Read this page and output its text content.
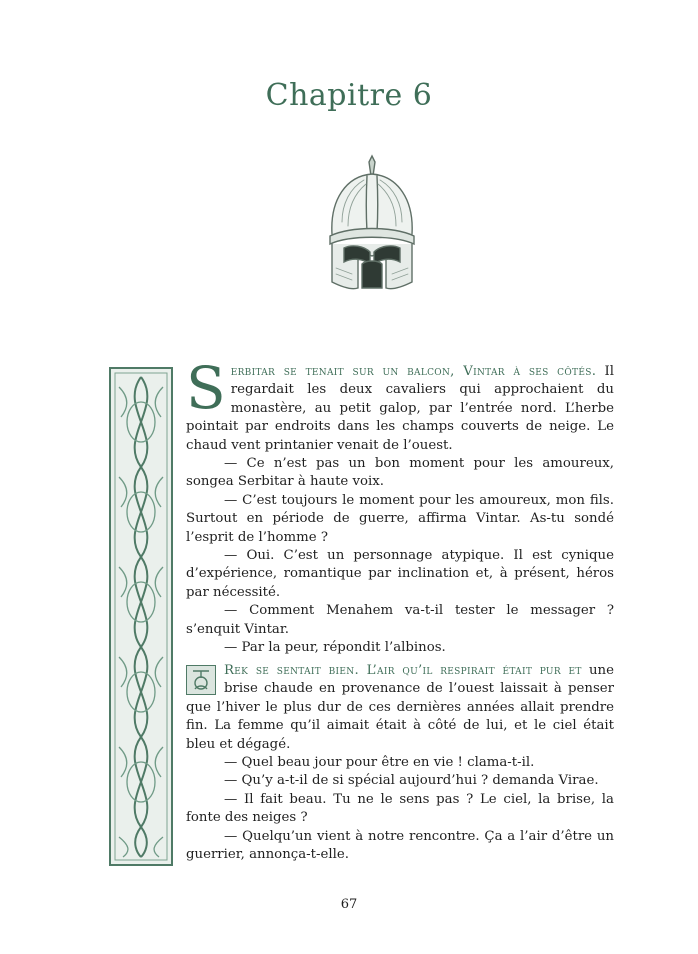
Chapitre 6

Serbitar se tenait sur un balcon, Vintar à ses côtés. Il regardait les deux cavaliers qui approchaient du monastère, au petit galop, par l’entrée nord. L’herbe pointait par endroits dans les champs couverts de neige. Le chaud vent printanier venait de l’ouest.

— Ce n’est pas un bon moment pour les amoureux, songea Serbitar à haute voix.

— C’est toujours le moment pour les amoureux, mon fils. Surtout en période de guerre, affirma Vintar. As-tu sondé l’esprit de l’homme ?

— Oui. C’est un personnage atypique. Il est cynique d’expérience, romantique par inclination et, à présent, héros par nécessité.

— Comment Menahem va-t-il tester le messager ? s’enquit Vintar.

— Par la peur, répondit l’albinos.

Rek se sentait bien. L’air qu’il respirait était pur et une brise chaude en provenance de l’ouest laissait à penser que l’hiver le plus dur de ces dernières années allait prendre fin. La femme qu’il aimait était à côté de lui, et le ciel était bleu et dégagé.

— Quel beau jour pour être en vie ! clama-t-il.

— Qu’y a-t-il de si spécial aujourd’hui ? demanda Virae.

— Il fait beau. Tu ne le sens pas ? Le ciel, la brise, la fonte des neiges ?

— Quelqu’un vient à notre rencontre. Ça a l’air d’être un guerrier, annonça-t-elle.

67
